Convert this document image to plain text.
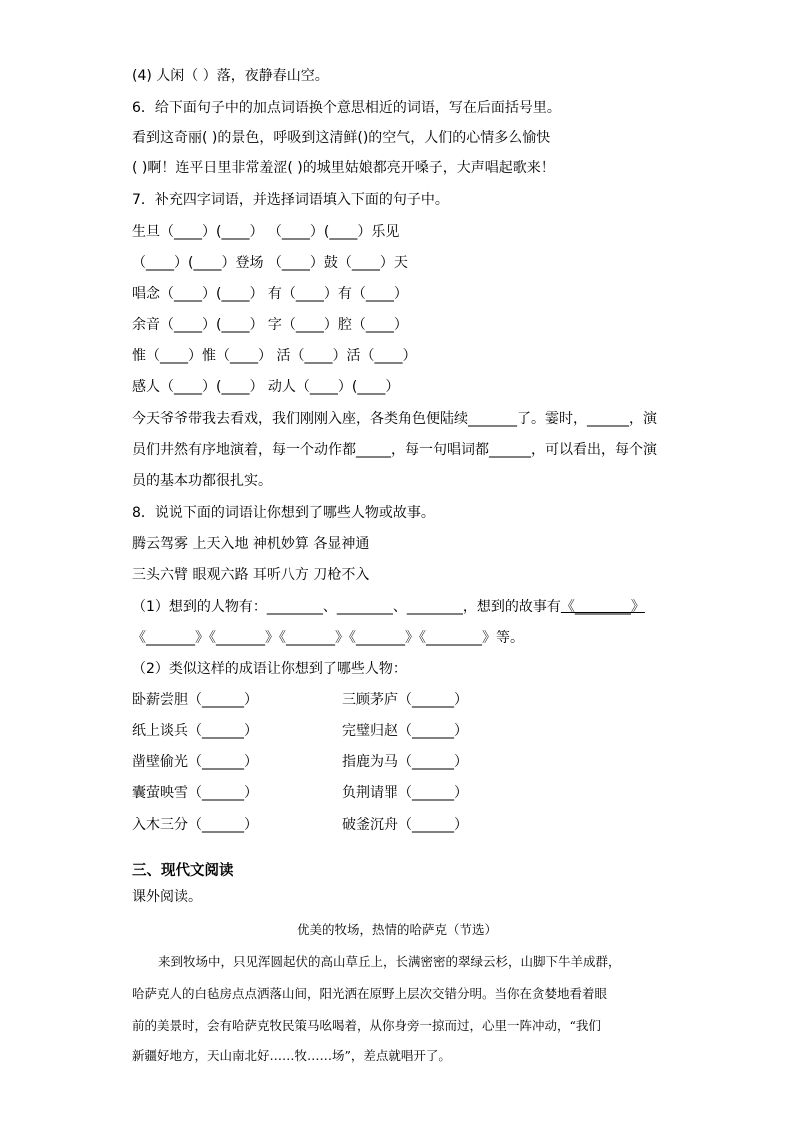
(4) 人闲（ ）落，夜静春山空。
6．给下面句子中的加点词语换个意思相近的词语，写在后面括号里。
看到这奇丽( )的景色，呼吸到这清鲜()的空气，人们的心情多么愉快
( )啊！连平日里非常羞涩( )的城里姑娘都亮开嗓子，大声唱起歌来！
7．补充四字词语，并选择词语填入下面的句子中。
生旦（____）(____） （____）(____）乐见
（____）(____）登场 （____）鼓（____）天
唱念（____）(____） 有（____）有（____）
余音（____）(____） 字（____）腔（____）
惟（____）惟（____） 活（____）活（____）
感人（____）(____） 动人（____）(____）
今天爷爷带我去看戏，我们刚刚入座，各类角色便陆续_______了。霎时，______，演
员们井然有序地演着，每一个动作都_____，每一句唱词都______，可以看出，每个演
员的基本功都很扎实。
8．说说下面的词语让你想到了哪些人物或故事。
腾云驾雾 上天入地 神机妙算 各显神通
三头六臂 眼观六路 耳听八方 刀枪不入
（1）想到的人物有：________、________、________，想到的故事有《________》
《_______》《_______》《_______》《_______》《________》等。
（2）类似这样的成语让你想到了哪些人物：
卧薪尝胆（______）	三顾茅庐（______）
纸上谈兵（______）	完璧归赵（______）
凿壁偷光（______）	指鹿为马（______）
囊萤映雪（______）	负荆请罪（______）
入木三分（______）	破釜沉舟（______）
三、现代文阅读
课外阅读。
优美的牧场，热情的哈萨克（节选）
来到牧场中，只见浑圆起伏的高山草丘上，长满密密的翠绿云杉，山脚下牛羊成群，
哈萨克人的白毡房点点洒落山间，阳光洒在原野上层次交错分明。当你在贪婪地看着眼
前的美景时，会有哈萨克牧民策马吆喝着，从你身旁一掠而过，心里一阵冲动，“我们
新疆好地方，天山南北好……牧……场”，差点就唱开了。
